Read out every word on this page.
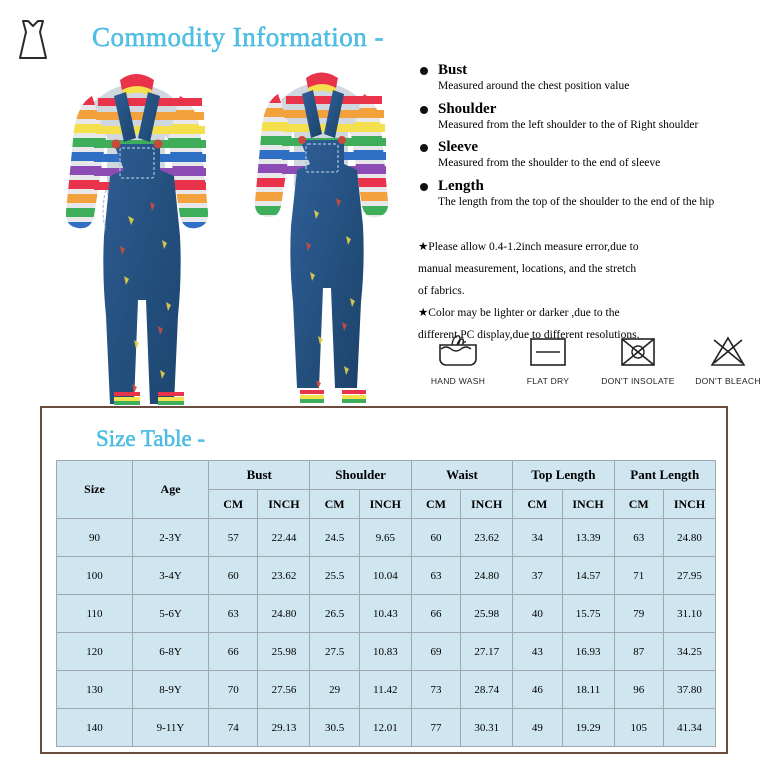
Commodity Information -
Bust
Measured around the chest position value
Shoulder
Measured from the left shoulder to the of Right shoulder
Sleeve
Measured from the shoulder to the end of sleeve
Length
The length from the top of the shoulder to the end of the hip
★Please allow 0.4-1.2inch measure error,due to
manual measurement, locations, and the stretch
of fabrics.
★Color may be lighter or darker ,due to the
different PC display,due to different resolutions.
HAND WASH	FLAT DRY	DON'T INSOLATE	DON'T BLEACH
Size Table -
Size	Age	Bust		Shoulder		Waist		Top Length		Pant Length	
		CM	INCH	CM	INCH	CM	INCH	CM	INCH	CM	INCH
90	2-3Y	57	22.44	24.5	9.65	60	23.62	34	13.39	63	24.80
100	3-4Y	60	23.62	25.5	10.04	63	24.80	37	14.57	71	27.95
110	5-6Y	63	24.80	26.5	10.43	66	25.98	40	15.75	79	31.10
120	6-8Y	66	25.98	27.5	10.83	69	27.17	43	16.93	87	34.25
130	8-9Y	70	27.56	29	11.42	73	28.74	46	18.11	96	37.80
140	9-11Y	74	29.13	30.5	12.01	77	30.31	49	19.29	105	41.34
